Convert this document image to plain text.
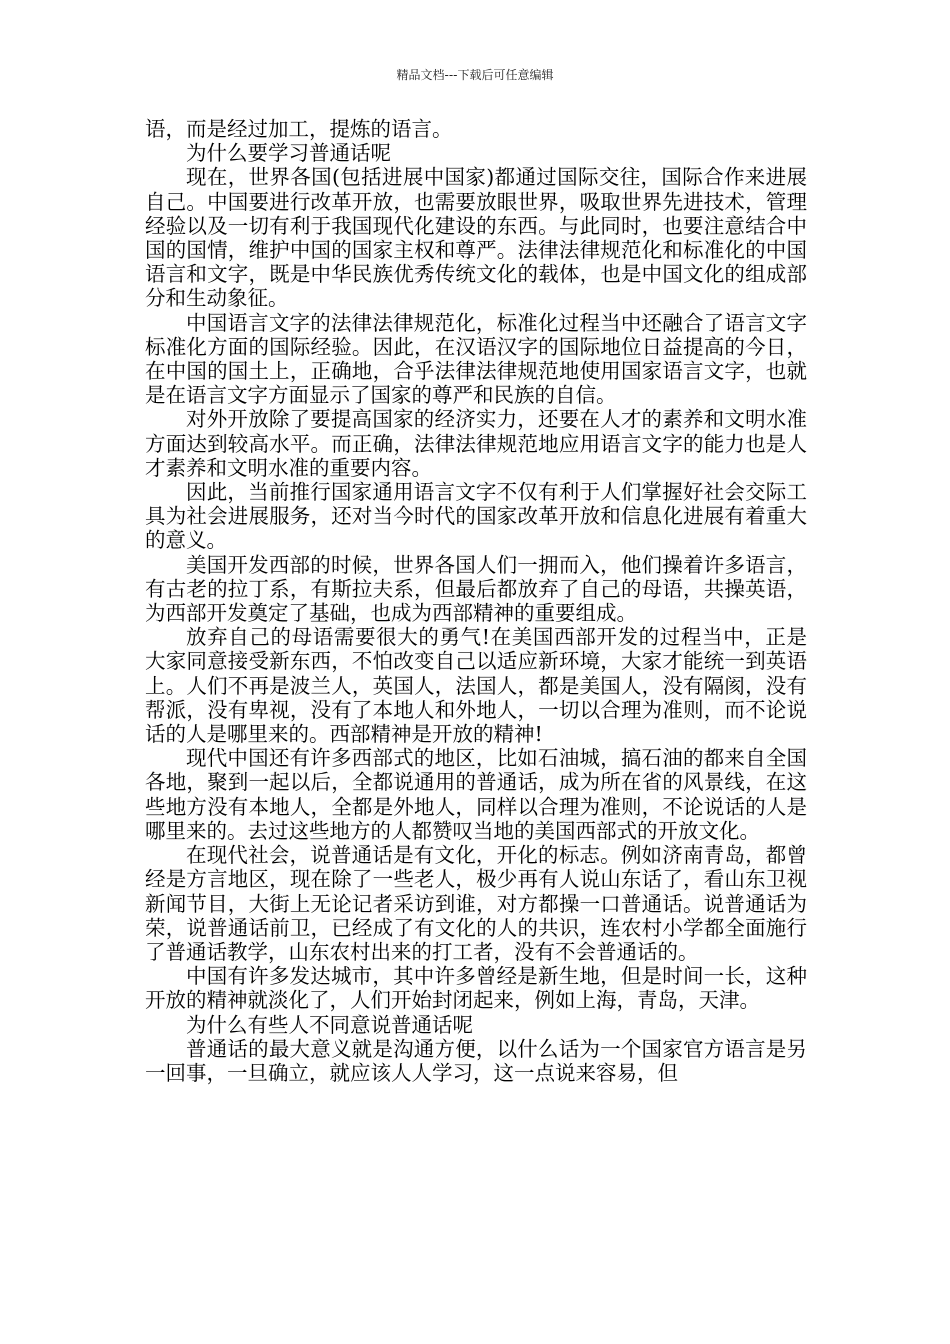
精品文档---下载后可任意编辑

语，而是经过加工，提炼的语言。

为什么要学习普通话呢

现在，世界各国(包括进展中国家)都通过国际交往，国际合作来进展自己。中国要进行改革开放，也需要放眼世界，吸取世界先进技术，管理经验以及一切有利于我国现代化建设的东西。与此同时，也要注意结合中国的国情，维护中国的国家主权和尊严。法律法律规范化和标准化的中国语言和文字，既是中华民族优秀传统文化的载体，也是中国文化的组成部分和生动象征。

中国语言文字的法律法律规范化，标准化过程当中还融合了语言文字标准化方面的国际经验。因此，在汉语汉字的国际地位日益提高的今日，在中国的国土上，正确地，合乎法律法律规范地使用国家语言文字，也就是在语言文字方面显示了国家的尊严和民族的自信。

对外开放除了要提高国家的经济实力，还要在人才的素养和文明水准方面达到较高水平。而正确，法律法律规范地应用语言文字的能力也是人才素养和文明水准的重要内容。

因此，当前推行国家通用语言文字不仅有利于人们掌握好社会交际工具为社会进展服务，还对当今时代的国家改革开放和信息化进展有着重大的意义。

美国开发西部的时候，世界各国人们一拥而入，他们操着许多语言，有古老的拉丁系，有斯拉夫系，但最后都放弃了自己的母语，共操英语，为西部开发奠定了基础，也成为西部精神的重要组成。

放弃自己的母语需要很大的勇气!在美国西部开发的过程当中，正是大家同意接受新东西，不怕改变自己以适应新环境，大家才能统一到英语上。人们不再是波兰人，英国人，法国人，都是美国人，没有隔阂，没有帮派，没有卑视，没有了本地人和外地人，一切以合理为准则，而不论说话的人是哪里来的。西部精神是开放的精神!

现代中国还有许多西部式的地区，比如石油城，搞石油的都来自全国各地，聚到一起以后，全都说通用的普通话，成为所在省的风景线，在这些地方没有本地人，全都是外地人，同样以合理为准则，不论说话的人是哪里来的。去过这些地方的人都赞叹当地的美国西部式的开放文化。

在现代社会，说普通话是有文化，开化的标志。例如济南青岛，都曾经是方言地区，现在除了一些老人，极少再有人说山东话了，看山东卫视新闻节目，大街上无论记者采访到谁，对方都操一口普通话。说普通话为荣，说普通话前卫，已经成了有文化的人的共识，连农村小学都全面施行了普通话教学，山东农村出来的打工者，没有不会普通话的。

中国有许多发达城市，其中许多曾经是新生地，但是时间一长，这种开放的精神就淡化了，人们开始封闭起来，例如上海，青岛，天津。

为什么有些人不同意说普通话呢

普通话的最大意义就是沟通方便，以什么话为一个国家官方语言是另一回事，一旦确立，就应该人人学习，这一点说来容易，但
